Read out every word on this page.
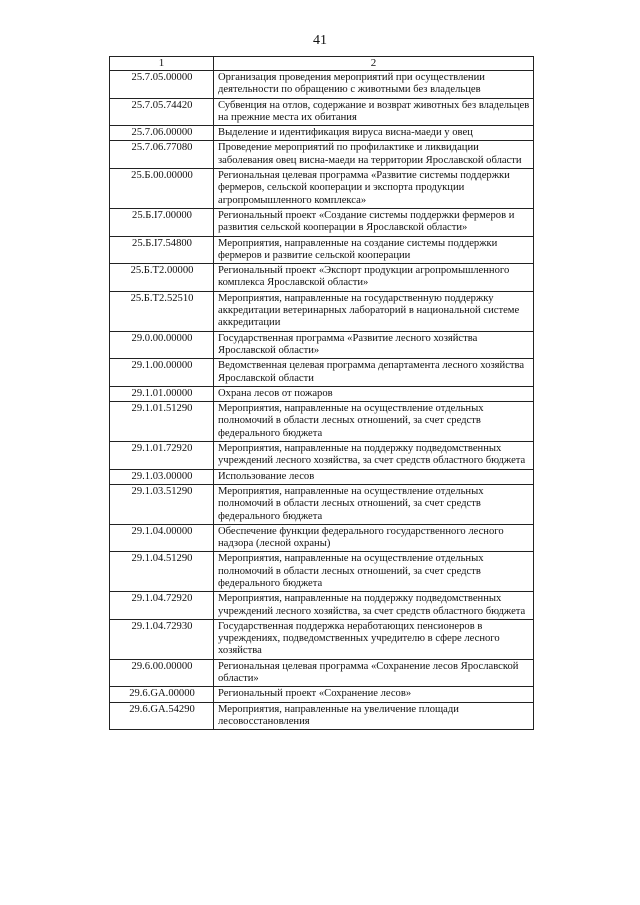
41
1	2
25.7.05.00000	Организация проведения мероприятий при осуществлении деятельности по обращению с животными без владельцев
25.7.05.74420	Субвенция на отлов, содержание и возврат животных без владельцев на прежние места их обитания
25.7.06.00000	Выделение и идентификация вируса висна-маеди у овец
25.7.06.77080	Проведение мероприятий по профилактике и ликвидации заболевания овец висна-маеди на территории Ярославской области
25.Б.00.00000	Региональная целевая программа «Развитие системы поддержки фермеров, сельской кооперации и экспорта продукции агропромышленного комплекса»
25.Б.I7.00000	Региональный проект «Создание системы поддержки фермеров и развития сельской кооперации в Ярославской области»
25.Б.I7.54800	Мероприятия, направленные на создание системы поддержки фермеров и развитие сельской кооперации
25.Б.Т2.00000	Региональный проект «Экспорт продукции агропромышленного комплекса Ярославской области»
25.Б.Т2.52510	Мероприятия, направленные на государственную поддержку аккредитации ветеринарных лабораторий в национальной системе аккредитации
29.0.00.00000	Государственная программа «Развитие лесного хозяйства Ярославской области»
29.1.00.00000	Ведомственная целевая программа департамента лесного хозяйства Ярославской области
29.1.01.00000	Охрана лесов от пожаров
29.1.01.51290	Мероприятия, направленные на осуществление отдельных полномочий в области лесных отношений, за счет средств федерального бюджета
29.1.01.72920	Мероприятия, направленные на поддержку подведомственных учреждений лесного хозяйства, за счет средств областного бюджета
29.1.03.00000	Использование лесов
29.1.03.51290	Мероприятия, направленные на осуществление отдельных полномочий в области лесных отношений, за счет средств федерального бюджета
29.1.04.00000	Обеспечение функции федерального государственного лесного надзора (лесной охраны)
29.1.04.51290	Мероприятия, направленные на осуществление отдельных полномочий в области лесных отношений, за счет средств федерального бюджета
29.1.04.72920	Мероприятия, направленные на поддержку подведомственных учреждений лесного хозяйства, за счет средств областного бюджета
29.1.04.72930	Государственная поддержка неработающих пенсионеров в учреждениях, подведомственных учредителю в сфере лесного хозяйства
29.6.00.00000	Региональная целевая программа «Сохранение лесов Ярославской области»
29.6.GA.00000	Региональный проект «Сохранение лесов»
29.6.GA.54290	Мероприятия, направленные на увеличение площади лесовосстановления
